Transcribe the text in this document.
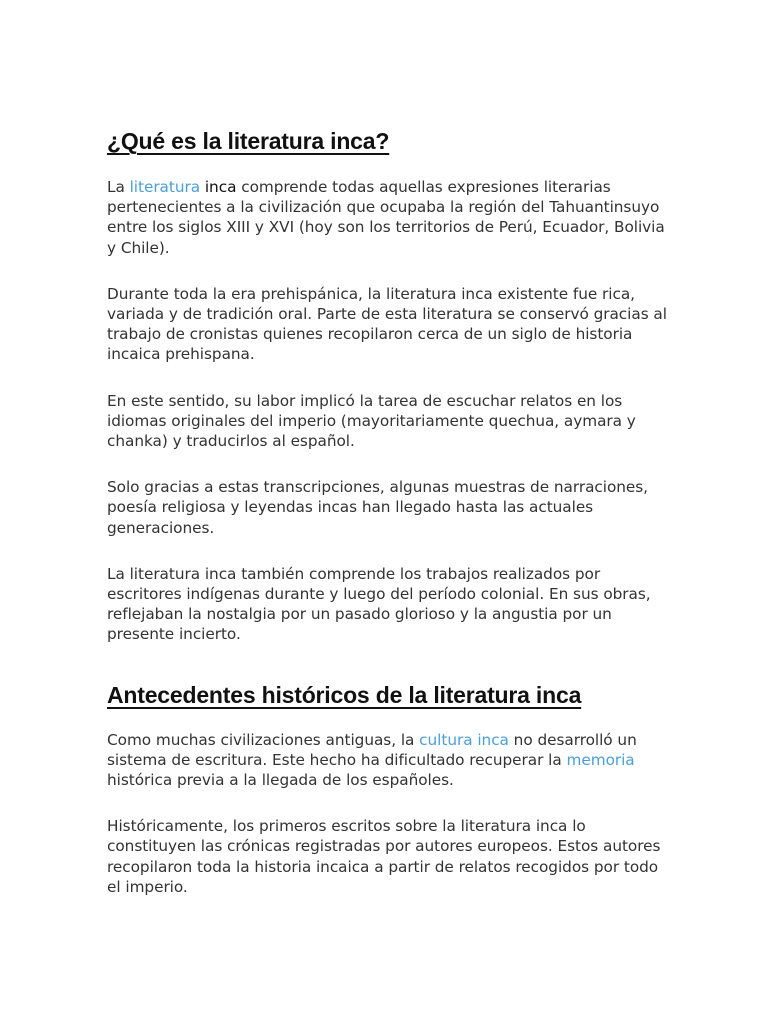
¿Qué es la literatura inca?

La literatura inca comprende todas aquellas expresiones literarias pertenecientes a la civilización que ocupaba la región del Tahuantinsuyo entre los siglos XIII y XVI (hoy son los territorios de Perú, Ecuador, Bolivia y Chile).

Durante toda la era prehispánica, la literatura inca existente fue rica, variada y de tradición oral. Parte de esta literatura se conservó gracias al trabajo de cronistas quienes recopilaron cerca de un siglo de historia incaica prehispana.

En este sentido, su labor implicó la tarea de escuchar relatos en los idiomas originales del imperio (mayoritariamente quechua, aymara y chanka) y traducirlos al español.

Solo gracias a estas transcripciones, algunas muestras de narraciones, poesía religiosa y leyendas incas han llegado hasta las actuales generaciones.

La literatura inca también comprende los trabajos realizados por escritores indígenas durante y luego del período colonial. En sus obras, reflejaban la nostalgia por un pasado glorioso y la angustia por un presente incierto.

Antecedentes históricos de la literatura inca

Como muchas civilizaciones antiguas, la cultura inca no desarrolló un sistema de escritura. Este hecho ha dificultado recuperar la memoria histórica previa a la llegada de los españoles.

Históricamente, los primeros escritos sobre la literatura inca lo constituyen las crónicas registradas por autores europeos. Estos autores recopilaron toda la historia incaica a partir de relatos recogidos por todo el imperio.
